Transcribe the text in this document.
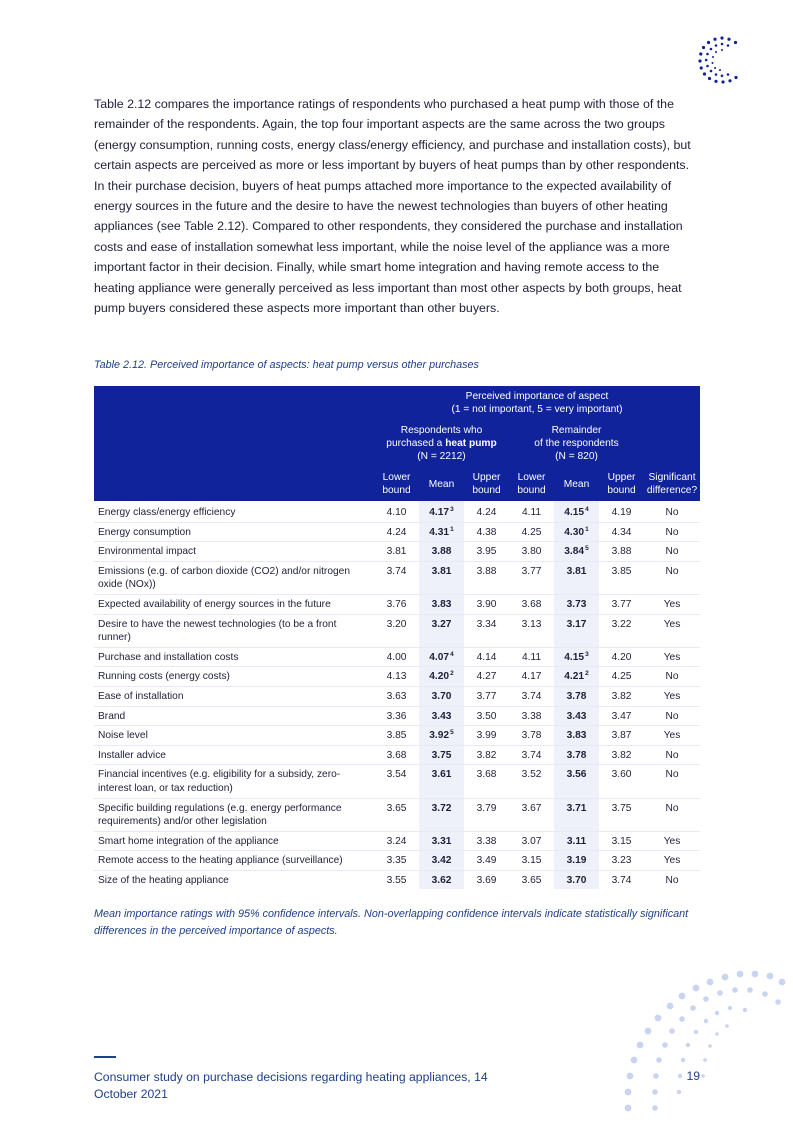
Table 2.12 compares the importance ratings of respondents who purchased a heat pump with those of the remainder of the respondents. Again, the top four important aspects are the same across the two groups (energy consumption, running costs, energy class/energy efficiency, and purchase and installation costs), but certain aspects are perceived as more or less important by buyers of heat pumps than by other respondents. In their purchase decision, buyers of heat pumps attached more importance to the expected availability of energy sources in the future and the desire to have the newest technologies than buyers of other heating appliances (see Table 2.12). Compared to other respondents, they considered the purchase and installation costs and ease of installation somewhat less important, while the noise level of the appliance was a more important factor in their decision. Finally, while smart home integration and having remote access to the heating appliance were generally perceived as less important than most other aspects by both groups, heat pump buyers considered these aspects more important than other buyers.

Table 2.12. Perceived importance of aspects: heat pump versus other purchases

	Perceived importance of aspect
(1 = not important, 5 = very important)						
	Respondents who
purchased a heat pump
(N = 2212)			Remainder
of the respondents
(N = 820)			
	Lower
bound	Mean	Upper
bound	Lower
bound	Mean	Upper
bound	Significant
difference?
Energy class/energy efficiency	4.10	4.17$^3$	4.24	4.11	4.15$^4$	4.19	No
Energy consumption	4.24	4.31$^1$	4.38	4.25	4.30$^1$	4.34	No
Environmental impact	3.81	3.88	3.95	3.80	3.84$^5$	3.88	No
Emissions (e.g. of carbon dioxide (CO2) and/or nitrogen oxide (NOx))	3.74	3.81	3.88	3.77	3.81	3.85	No
Expected availability of energy sources in the future	3.76	3.83	3.90	3.68	3.73	3.77	Yes
Desire to have the newest technologies (to be a front runner)	3.20	3.27	3.34	3.13	3.17	3.22	Yes
Purchase and installation costs	4.00	4.07$^4$	4.14	4.11	4.15$^3$	4.20	Yes
Running costs (energy costs)	4.13	4.20$^2$	4.27	4.17	4.21$^2$	4.25	No
Ease of installation	3.63	3.70	3.77	3.74	3.78	3.82	Yes
Brand	3.36	3.43	3.50	3.38	3.43	3.47	No
Noise level	3.85	3.92$^5$	3.99	3.78	3.83	3.87	Yes
Installer advice	3.68	3.75	3.82	3.74	3.78	3.82	No
Financial incentives (e.g. eligibility for a subsidy, zero-interest loan, or tax reduction)	3.54	3.61	3.68	3.52	3.56	3.60	No
Specific building regulations (e.g. energy performance requirements) and/or other legislation	3.65	3.72	3.79	3.67	3.71	3.75	No
Smart home integration of the appliance	3.24	3.31	3.38	3.07	3.11	3.15	Yes
Remote access to the heating appliance (surveillance)	3.35	3.42	3.49	3.15	3.19	3.23	Yes
Size of the heating appliance	3.55	3.62	3.69	3.65	3.70	3.74	No

Mean importance ratings with 95% confidence intervals. Non-overlapping confidence intervals indicate statistically significant differences in the perceived importance of aspects.

Consumer study on purchase decisions regarding heating appliances, 14 October 2021

19
